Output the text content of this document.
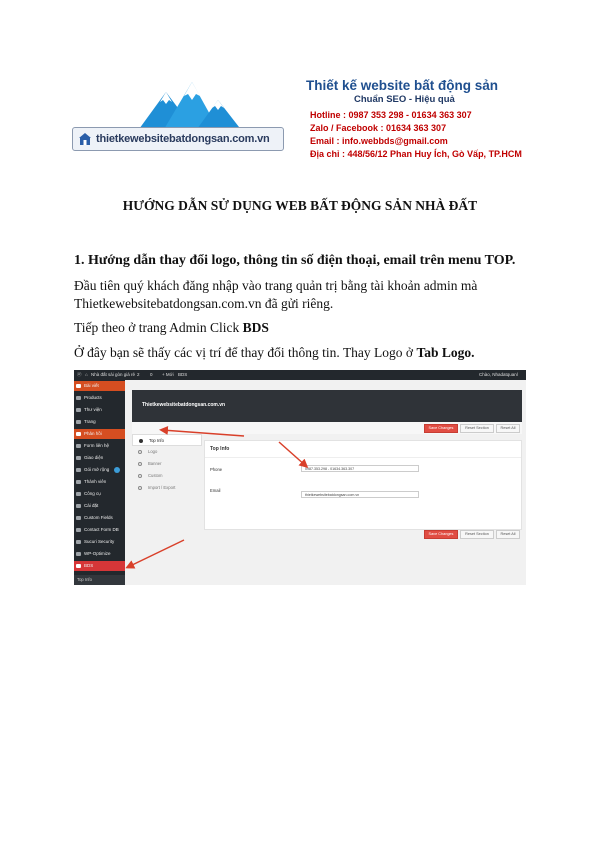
thietkewebsitebatdongsan.com.vn
Thiết kế website bất động sản
Chuẩn SEO - Hiệu quả
Hotline : 0987 353 298 - 01634 363 307
Zalo / Facebook : 01634 363 307
Email : info.webbds@gmail.com
Địa chỉ : 448/56/12 Phan Huy Ích, Gò Vấp, TP.HCM
HƯỚNG DẪN SỬ DỤNG WEB BẤT ĐỘNG SẢN NHÀ ĐẤT
1. Hướng dẫn thay đổi logo, thông tin số điện thoại, email trên menu TOP.
Đầu tiên quý khách đăng nhập vào trang quản trị bằng tài khoản admin mà
Thietkewebsitebatdongsan.com.vn đã gửi riêng.
Tiếp theo ở trang Admin Click BDS
Ở đây bạn sẽ thấy các vị trí để thay đổi thông tin. Thay Logo ở Tab Logo.
ⓦ ⌂ Nhà đất sài gòn giá rẻ 2 0 + Mới BDS	Chào, Nhadatquanl
Bài viết
Products
Thư viện
Trang
Phản hồi
Form liên hệ
Giao diện
Gói mở rộng
Thành viên
Công cụ
Cài đặt
Custom Fields
Contact Form DB
Sucuri Security
WP-Optimize
BDS
Top Info
Thietkewebsitebatdongsan.com.vn
Save Changes	Reset Section	Reset All
Top Info
Logo
Banner
Custom
Import / Export
Top Info
Phone	0987.353.298 - 01634.363.307
Email
thietkewebsitebatdongsan.com.vn
Save Changes	Reset Section	Reset All
